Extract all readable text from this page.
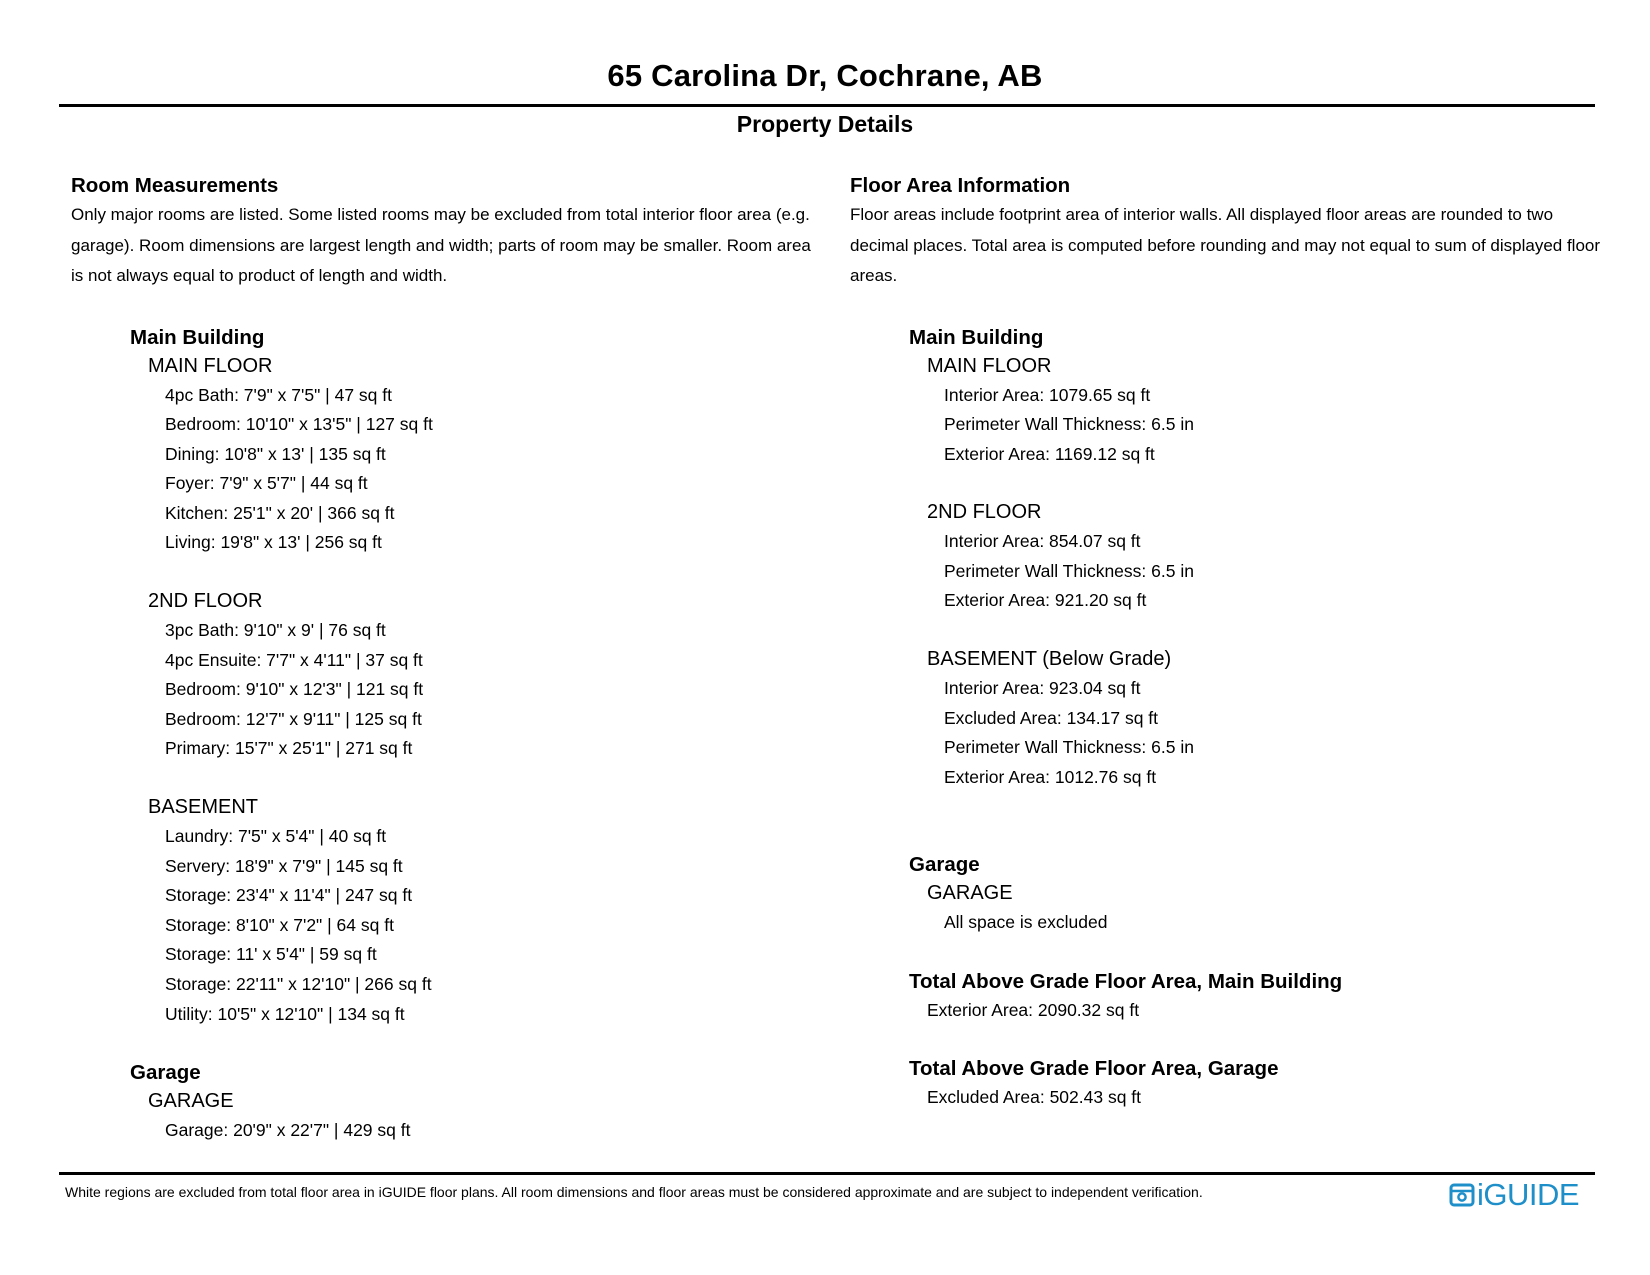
65 Carolina Dr, Cochrane, AB
Property Details

Room Measurements

Only major rooms are listed. Some listed rooms may be excluded from total interior floor area (e.g. garage). Room dimensions are largest length and width; parts of room may be smaller. Room area is not always equal to product of length and width.

Main Building
MAIN FLOOR
4pc Bath: 7'9" x 7'5" | 47 sq ft
Bedroom: 10'10" x 13'5" | 127 sq ft
Dining: 10'8" x 13' | 135 sq ft
Foyer: 7'9" x 5'7" | 44 sq ft
Kitchen: 25'1" x 20' | 366 sq ft
Living: 19'8" x 13' | 256 sq ft
2ND FLOOR
3pc Bath: 9'10" x 9' | 76 sq ft
4pc Ensuite: 7'7" x 4'11" | 37 sq ft
Bedroom: 9'10" x 12'3" | 121 sq ft
Bedroom: 12'7" x 9'11" | 125 sq ft
Primary: 15'7" x 25'1" | 271 sq ft
BASEMENT
Laundry: 7'5" x 5'4" | 40 sq ft
Servery: 18'9" x 7'9" | 145 sq ft
Storage: 23'4" x 11'4" | 247 sq ft
Storage: 8'10" x 7'2" | 64 sq ft
Storage: 11' x 5'4" | 59 sq ft
Storage: 22'11" x 12'10" | 266 sq ft
Utility: 10'5" x 12'10" | 134 sq ft
Garage
GARAGE
Garage: 20'9" x 22'7" | 429 sq ft

Floor Area Information

Floor areas include footprint area of interior walls. All displayed floor areas are rounded to two decimal places. Total area is computed before rounding and may not equal to sum of displayed floor areas.

Main Building
MAIN FLOOR
Interior Area: 1079.65 sq ft
Perimeter Wall Thickness: 6.5 in
Exterior Area: 1169.12 sq ft
2ND FLOOR
Interior Area: 854.07 sq ft
Perimeter Wall Thickness: 6.5 in
Exterior Area: 921.20 sq ft
BASEMENT (Below Grade)
Interior Area: 923.04 sq ft
Excluded Area: 134.17 sq ft
Perimeter Wall Thickness: 6.5 in
Exterior Area: 1012.76 sq ft
Garage
GARAGE
All space is excluded
Total Above Grade Floor Area, Main Building
Exterior Area: 2090.32 sq ft
Total Above Grade Floor Area, Garage
Excluded Area: 502.43 sq ft
White regions are excluded from total floor area in iGUIDE floor plans. All room dimensions and floor areas must be considered approximate and are subject to independent verification.	iGUIDE
